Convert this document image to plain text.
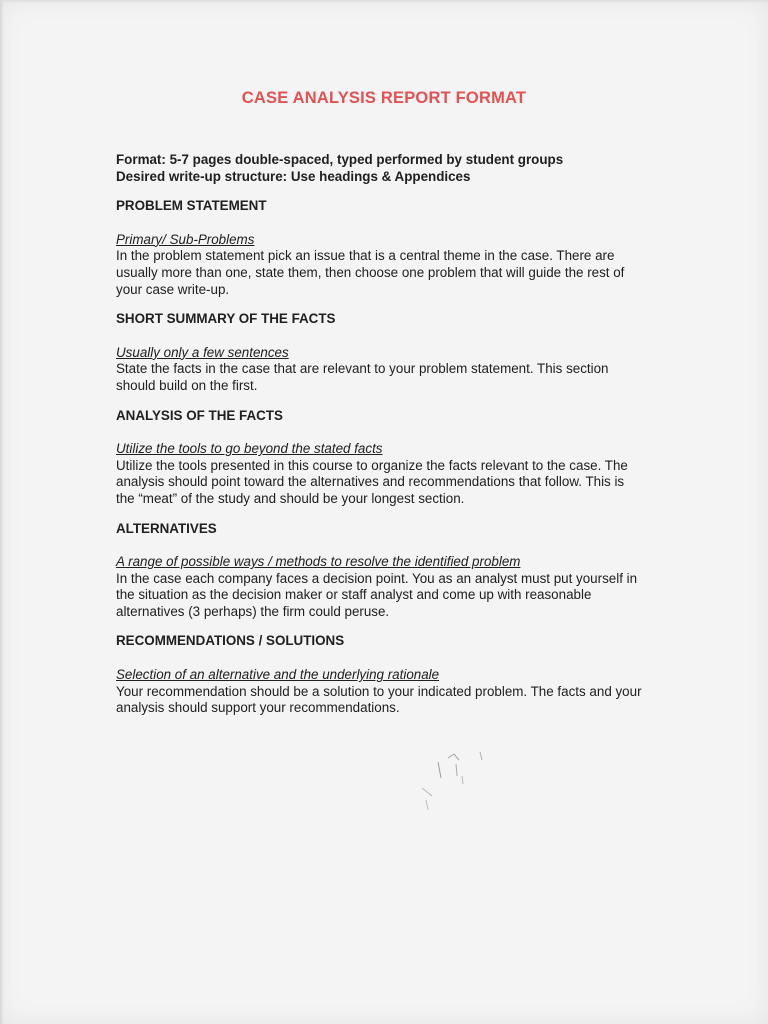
CASE ANALYSIS REPORT FORMAT

Format: 5-7 pages double-spaced, typed performed by student groups

Desired write-up structure: Use headings & Appendices

PROBLEM STATEMENT

Primary/ Sub-Problems

In the problem statement pick an issue that is a central theme in the case. There are usually more than one, state them, then choose one problem that will guide the rest of your case write-up.

SHORT SUMMARY OF THE FACTS

Usually only a few sentences

State the facts in the case that are relevant to your problem statement. This section should build on the first.

ANALYSIS OF THE FACTS

Utilize the tools to go beyond the stated facts

Utilize the tools presented in this course to organize the facts relevant to the case. The analysis should point toward the alternatives and recommendations that follow. This is the “meat” of the study and should be your longest section.

ALTERNATIVES

A range of possible ways / methods to resolve the identified problem

In the case each company faces a decision point. You as an analyst must put yourself in the situation as the decision maker or staff analyst and come up with reasonable alternatives (3 perhaps) the firm could peruse.

RECOMMENDATIONS / SOLUTIONS

Selection of an alternative and the underlying rationale

Your recommendation should be a solution to your indicated problem. The facts and your analysis should support your recommendations.
